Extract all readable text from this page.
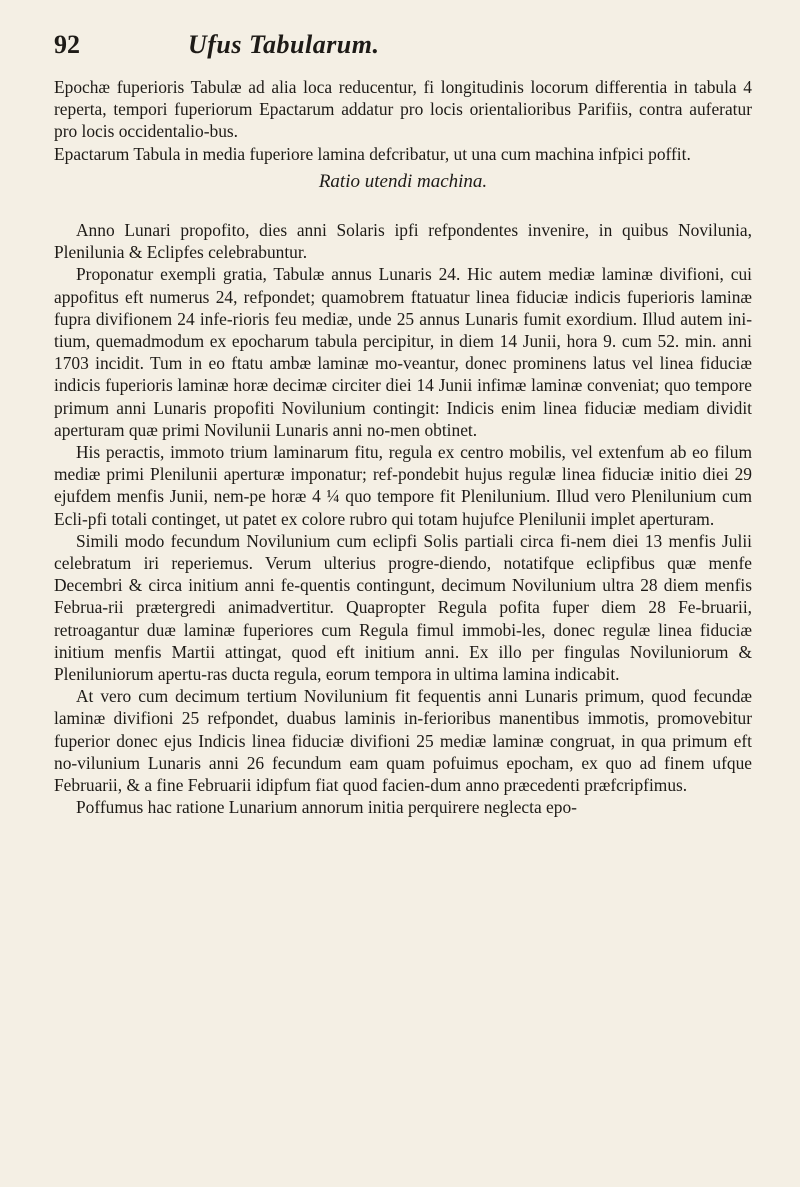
92	Ufus Tabularum.

Epochæ fuperioris Tabulæ ad alia loca reducentur, fi longitudinis locorum differentia in tabula 4 reperta, tempori fuperiorum Epactarum addatur pro locis orientalioribus Parifiis, contra auferatur pro locis occidentalio-bus.

Epactarum Tabula in media fuperiore lamina defcribatur, ut una cum machina infpici poffit.

Ratio utendi machina.

Anno Lunari propofito, dies anni Solaris ipfi refpondentes invenire, in quibus Novilunia, Plenilunia & Eclipfes celebrabuntur.

Proponatur exempli gratia, Tabulæ annus Lunaris 24. Hic autem mediæ laminæ divifioni, cui appofitus eft numerus 24, refpondet; quamobrem ftatuatur linea fiduciæ indicis fuperioris laminæ fupra divifionem 24 infe-rioris feu mediæ, unde 25 annus Lunaris fumit exordium. Illud autem ini-tium, quemadmodum ex epocharum tabula percipitur, in diem 14 Junii, hora 9. cum 52. min. anni 1703 incidit. Tum in eo ftatu ambæ laminæ mo-veantur, donec prominens latus vel linea fiduciæ indicis fuperioris laminæ horæ decimæ circiter diei 14 Junii infimæ laminæ conveniat; quo tempore primum anni Lunaris propofiti Novilunium contingit: Indicis enim linea fiduciæ mediam dividit aperturam quæ primi Novilunii Lunaris anni no-men obtinet.

His peractis, immoto trium laminarum fitu, regula ex centro mobilis, vel extenfum ab eo filum mediæ primi Plenilunii aperturæ imponatur; ref-pondebit hujus regulæ linea fiduciæ initio diei 29 ejufdem menfis Junii, nem-pe horæ 4 ¼ quo tempore fit Plenilunium. Illud vero Plenilunium cum Ecli-pfi totali continget, ut patet ex colore rubro qui totam hujufce Plenilunii implet aperturam.

Simili modo fecundum Novilunium cum eclipfi Solis partiali circa fi-nem diei 13 menfis Julii celebratum iri reperiemus. Verum ulterius progre-diendo, notatifque eclipfibus quæ menfe Decembri & circa initium anni fe-quentis contingunt, decimum Novilunium ultra 28 diem menfis Februa-rii prætergredi animadvertitur. Quapropter Regula pofita fuper diem 28 Fe-bruarii, retroagantur duæ laminæ fuperiores cum Regula fimul immobi-les, donec regulæ linea fiduciæ initium menfis Martii attingat, quod eft initium anni. Ex illo per fingulas Noviluniorum & Pleniluniorum apertu-ras ducta regula, eorum tempora in ultima lamina indicabit.

At vero cum decimum tertium Novilunium fit fequentis anni Lunaris primum, quod fecundæ laminæ divifioni 25 refpondet, duabus laminis in-ferioribus manentibus immotis, promovebitur fuperior donec ejus Indicis linea fiduciæ divifioni 25 mediæ laminæ congruat, in qua primum eft no-vilunium Lunaris anni 26 fecundum eam quam pofuimus epocham, ex quo ad finem ufque Februarii, & a fine Februarii idipfum fiat quod facien-dum anno præcedenti præfcripfimus.

Poffumus hac ratione Lunarium annorum initia perquirere neglecta epo-
